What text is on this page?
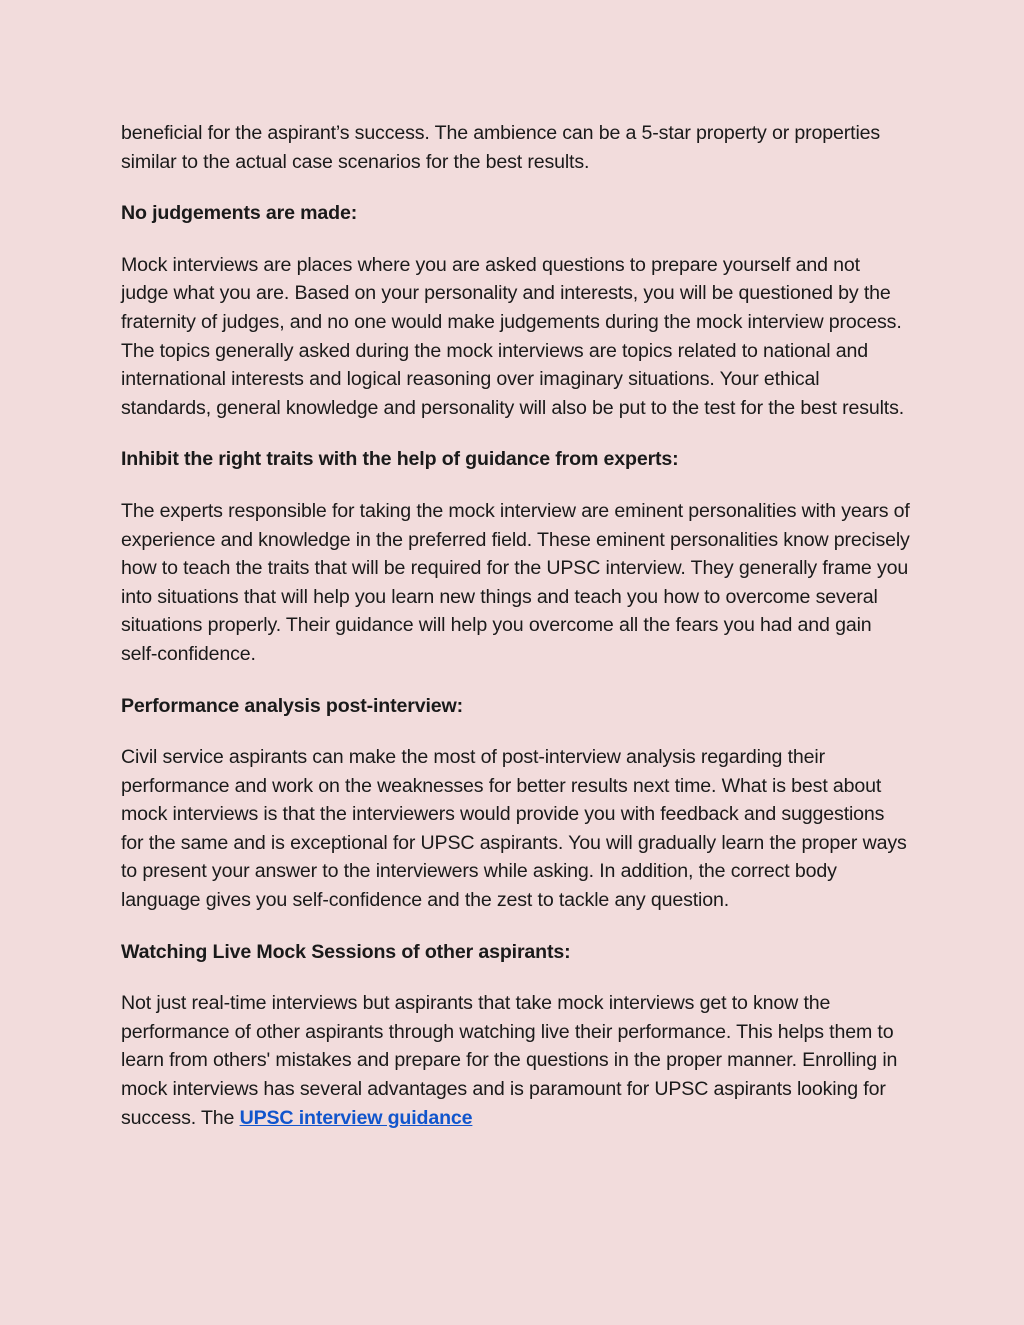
beneficial for the aspirant’s success. The ambience can be a 5-star property or properties similar to the actual case scenarios for the best results.

No judgements are made:

Mock interviews are places where you are asked questions to prepare yourself and not judge what you are. Based on your personality and interests, you will be questioned by the fraternity of judges, and no one would make judgements during the mock interview process. The topics generally asked during the mock interviews are topics related to national and international interests and logical reasoning over imaginary situations. Your ethical standards, general knowledge and personality will also be put to the test for the best results.

Inhibit the right traits with the help of guidance from experts:

The experts responsible for taking the mock interview are eminent personalities with years of experience and knowledge in the preferred field. These eminent personalities know precisely how to teach the traits that will be required for the UPSC interview. They generally frame you into situations that will help you learn new things and teach you how to overcome several situations properly. Their guidance will help you overcome all the fears you had and gain self-confidence.

Performance analysis post-interview:

Civil service aspirants can make the most of post-interview analysis regarding their performance and work on the weaknesses for better results next time. What is best about mock interviews is that the interviewers would provide you with feedback and suggestions for the same and is exceptional for UPSC aspirants. You will gradually learn the proper ways to present your answer to the interviewers while asking. In addition, the correct body language gives you self-confidence and the zest to tackle any question.

Watching Live Mock Sessions of other aspirants:

Not just real-time interviews but aspirants that take mock interviews get to know the performance of other aspirants through watching live their performance. This helps them to learn from others' mistakes and prepare for the questions in the proper manner. Enrolling in mock interviews has several advantages and is paramount for UPSC aspirants looking for success. The UPSC interview guidance
